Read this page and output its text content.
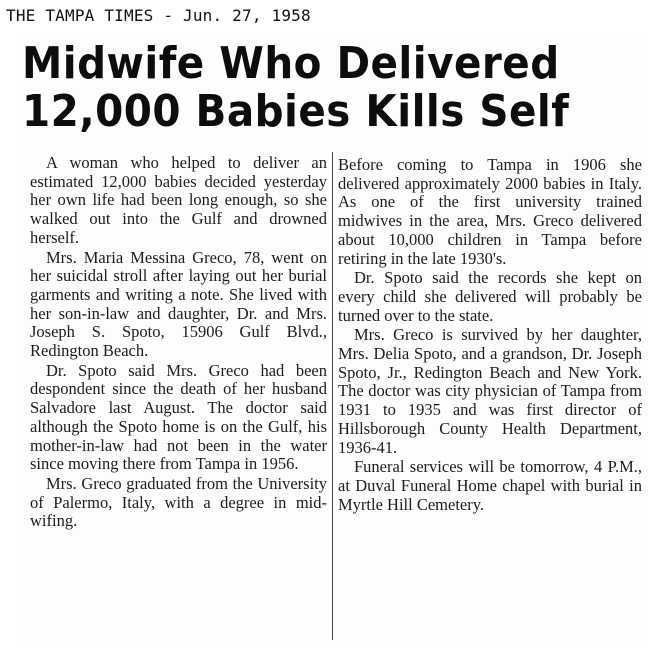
THE TAMPA TIMES - Jun. 27, 1958
Midwife Who Delivered
12,000 Babies Kills Self

A woman who helped to deliver an estimated 12,000 babies decided yesterday her own life had been long enough, so she walked out into the Gulf and drowned herself.

Mrs. Maria Messina Greco, 78, went on her suicidal stroll after laying out her burial garments and writing a note. She lived with her son-in-law and daughter, Dr. and Mrs. Joseph S. Spoto, 15906 Gulf Blvd., Redington Beach.

Dr. Spoto said Mrs. Greco had been despondent since the death of her husband Salvadore last August. The doctor said although the Spoto home is on the Gulf, his mother-in-law had not been in the water since moving there from Tampa in 1956.

Mrs. Greco graduated from the University of Palermo, Italy, with a degree in mid-wifing.

Before coming to Tampa in 1906 she delivered approximately 2000 babies in Italy. As one of the first university trained midwives in the area, Mrs. Greco delivered about 10,000 children in Tampa before retiring in the late 1930's.

Dr. Spoto said the records she kept on every child she delivered will probably be turned over to the state.

Mrs. Greco is survived by her daughter, Mrs. Delia Spoto, and a grandson, Dr. Joseph Spoto, Jr., Redington Beach and New York. The doctor was city physician of Tampa from 1931 to 1935 and was first director of Hillsborough County Health Department, 1936-41.

Funeral services will be tomorrow, 4 P.M., at Duval Funeral Home chapel with burial in Myrtle Hill Cemetery.
